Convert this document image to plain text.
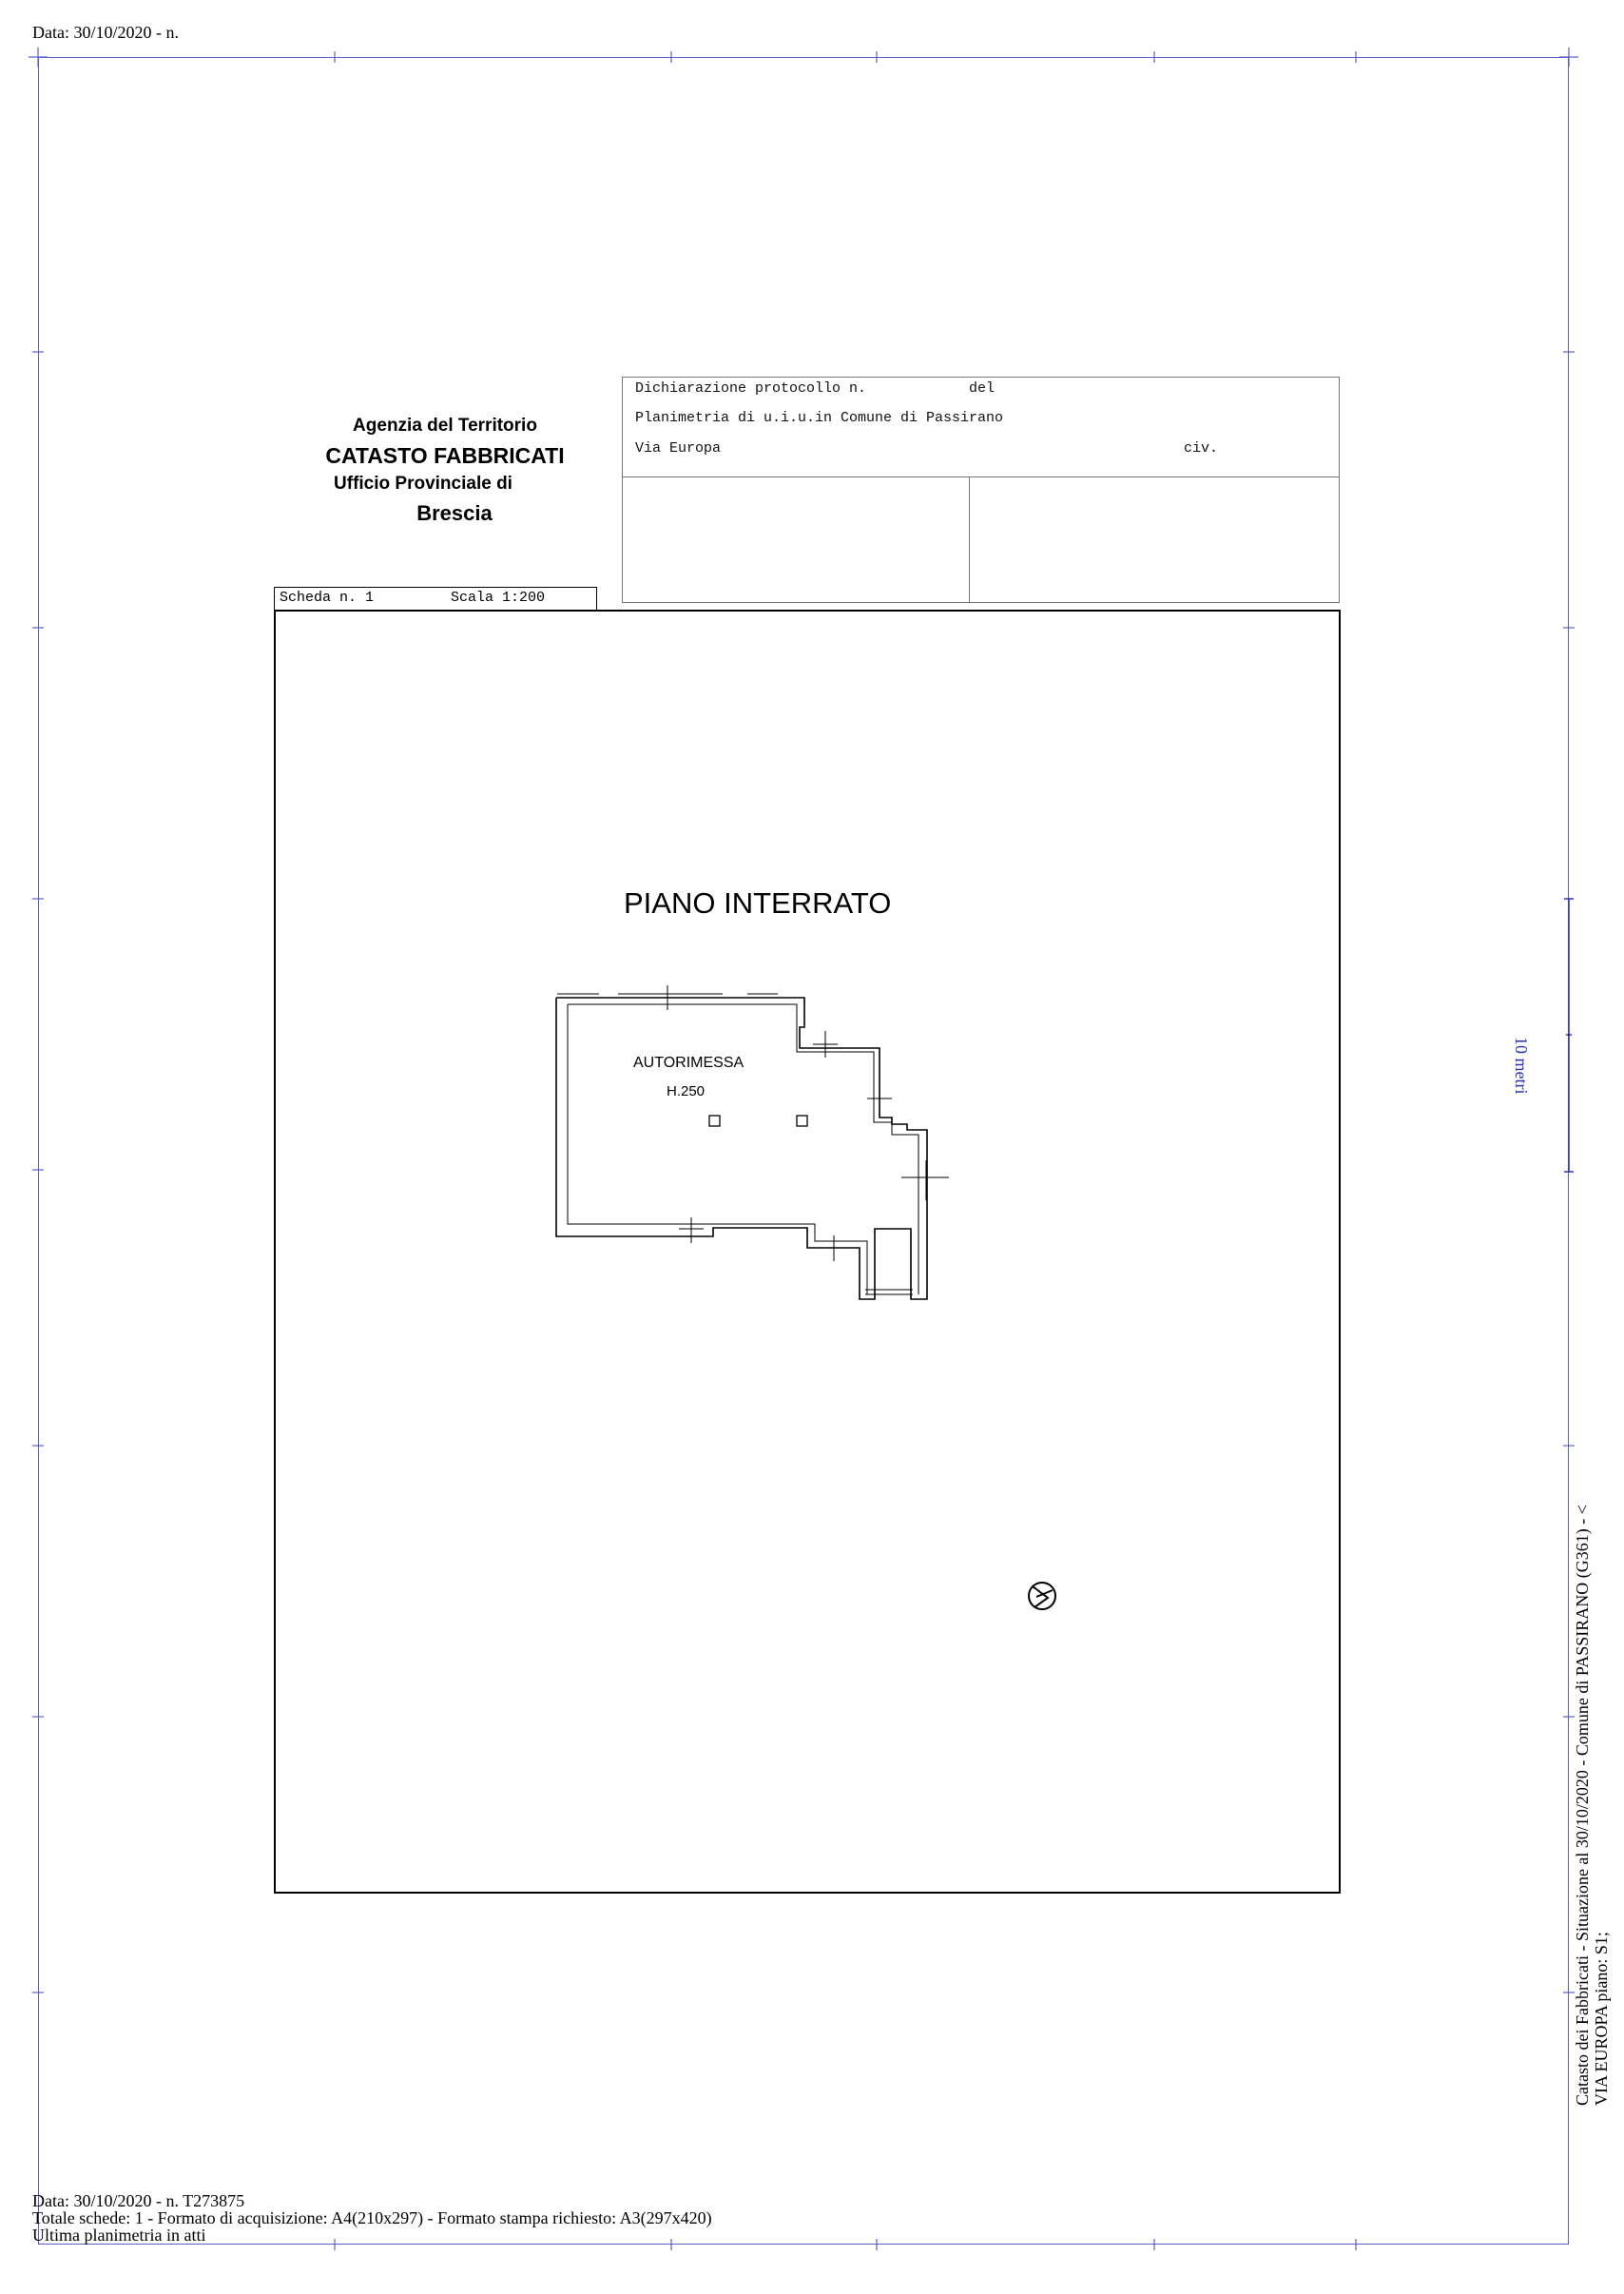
Data: 30/10/2020 - n.
Agenzia del Territorio
CATASTO FABBRICATI
Ufficio Provinciale di
Brescia
Dichiarazione protocollo n.            del
Planimetria di u.i.u.in Comune di Passirano
Via Europa	civ.
Scheda n. 1	Scala 1:200
PIANO INTERRATO
AUTORIMESSA
H.250	10 metri
Catasto dei Fabbricati - Situazione al 30/10/2020 - Comune di PASSIRANO (G361) - < VIA EUROPA piano: S1;
Data: 30/10/2020 - n. T273875
Totale schede: 1 - Formato di acquisizione: A4(210x297) - Formato stampa richiesto: A3(297x420)
Ultima planimetria in atti
